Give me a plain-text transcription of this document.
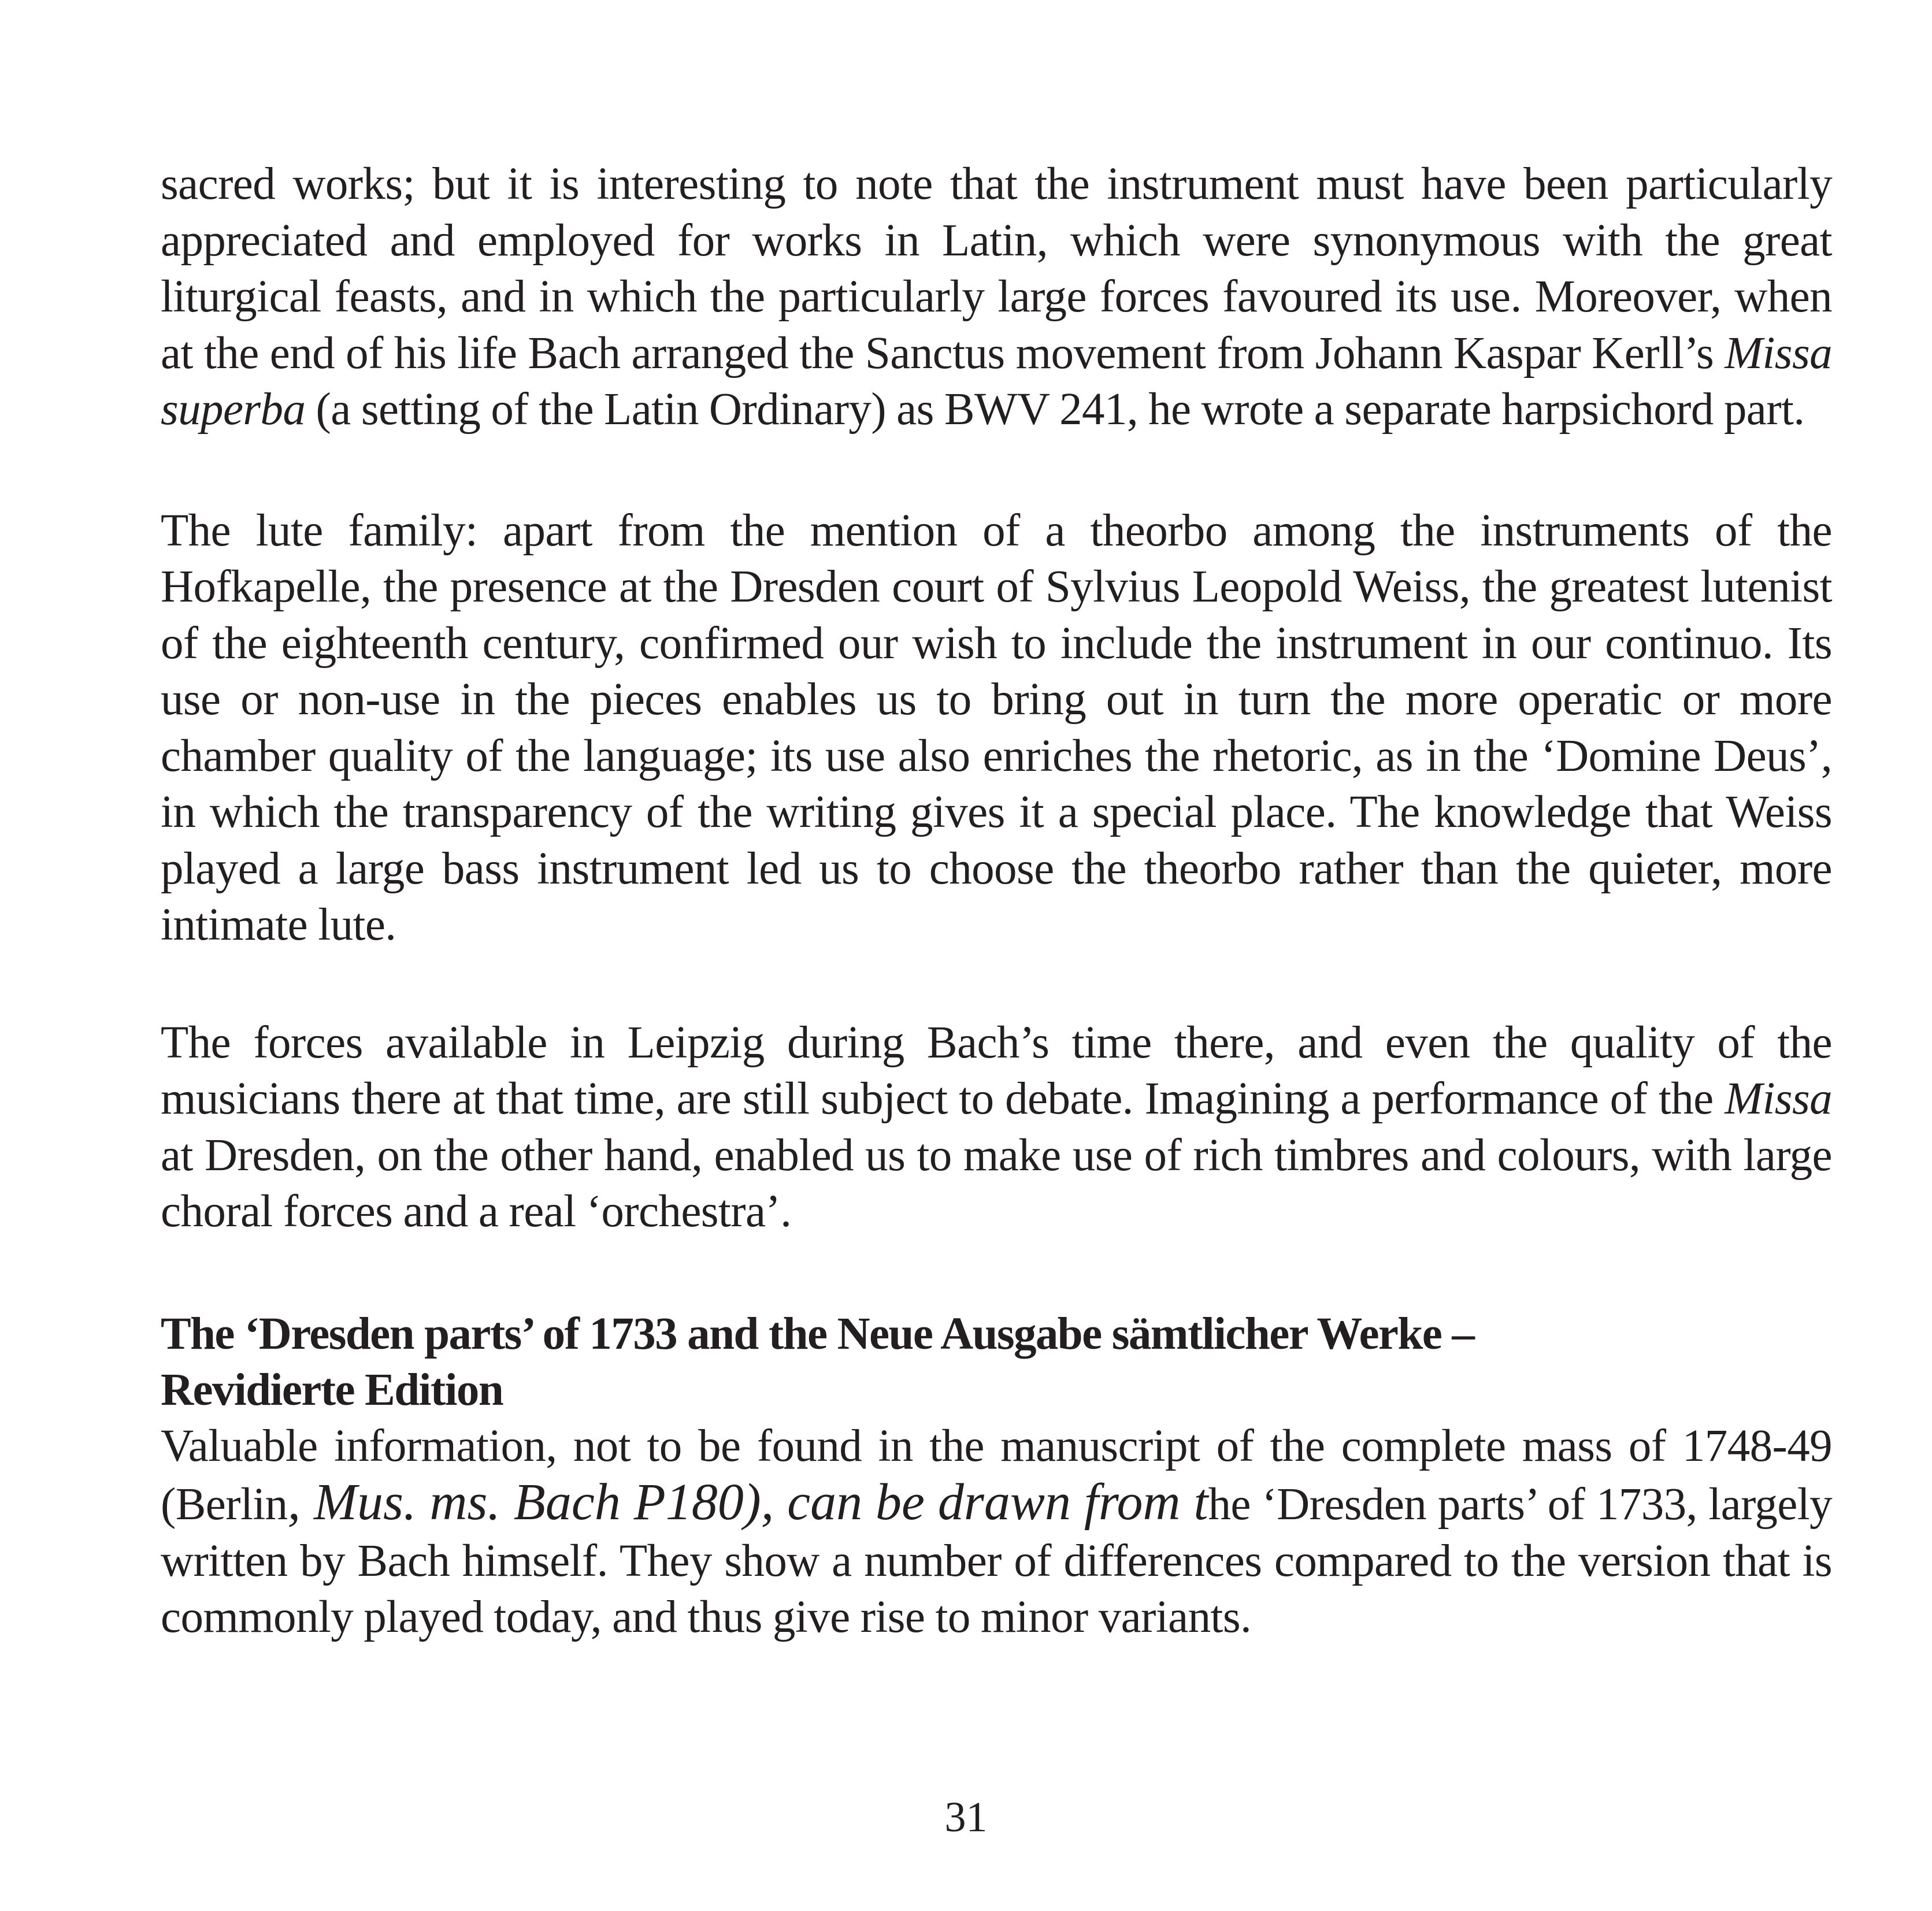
sacred works; but it is interesting to note that the instrument must have been particularly appreciated and employed for works in Latin, which were synonymous with the great liturgical feasts, and in which the particularly large forces favoured its use. Moreover, when at the end of his life Bach arranged the Sanctus movement from Johann Kaspar Kerll’s Missa superba (a setting of the Latin Ordinary) as BWV 241, he wrote a separate harpsichord part.

The lute family: apart from the mention of a theorbo among the instruments of the Hofkapelle, the presence at the Dresden court of Sylvius Leopold Weiss, the greatest lutenist of the eighteenth century, confirmed our wish to include the instrument in our continuo. Its use or non-use in the pieces enables us to bring out in turn the more operatic or more chamber quality of the language; its use also enriches the rhetoric, as in the ‘Domine Deus’, in which the transparency of the writing gives it a special place. The knowledge that Weiss played a large bass instrument led us to choose the theorbo rather than the quieter, more intimate lute.

The forces available in Leipzig during Bach’s time there, and even the quality of the musicians there at that time, are still subject to debate. Imagining a performance of the Missa at Dresden, on the other hand, enabled us to make use of rich timbres and colours, with large choral forces and a real ‘orchestra’.

The ‘Dresden parts’ of 1733 and the Neue Ausgabe sämtlicher Werke –
Revidierte Edition

Valuable information, not to be found in the manuscript of the complete mass of 1748-49 (Berlin, Mus. ms. Bach P180), can be drawn from the ‘Dresden parts’ of 1733, largely written by Bach himself. They show a number of differences compared to the version that is commonly played today, and thus give rise to minor variants.

31
